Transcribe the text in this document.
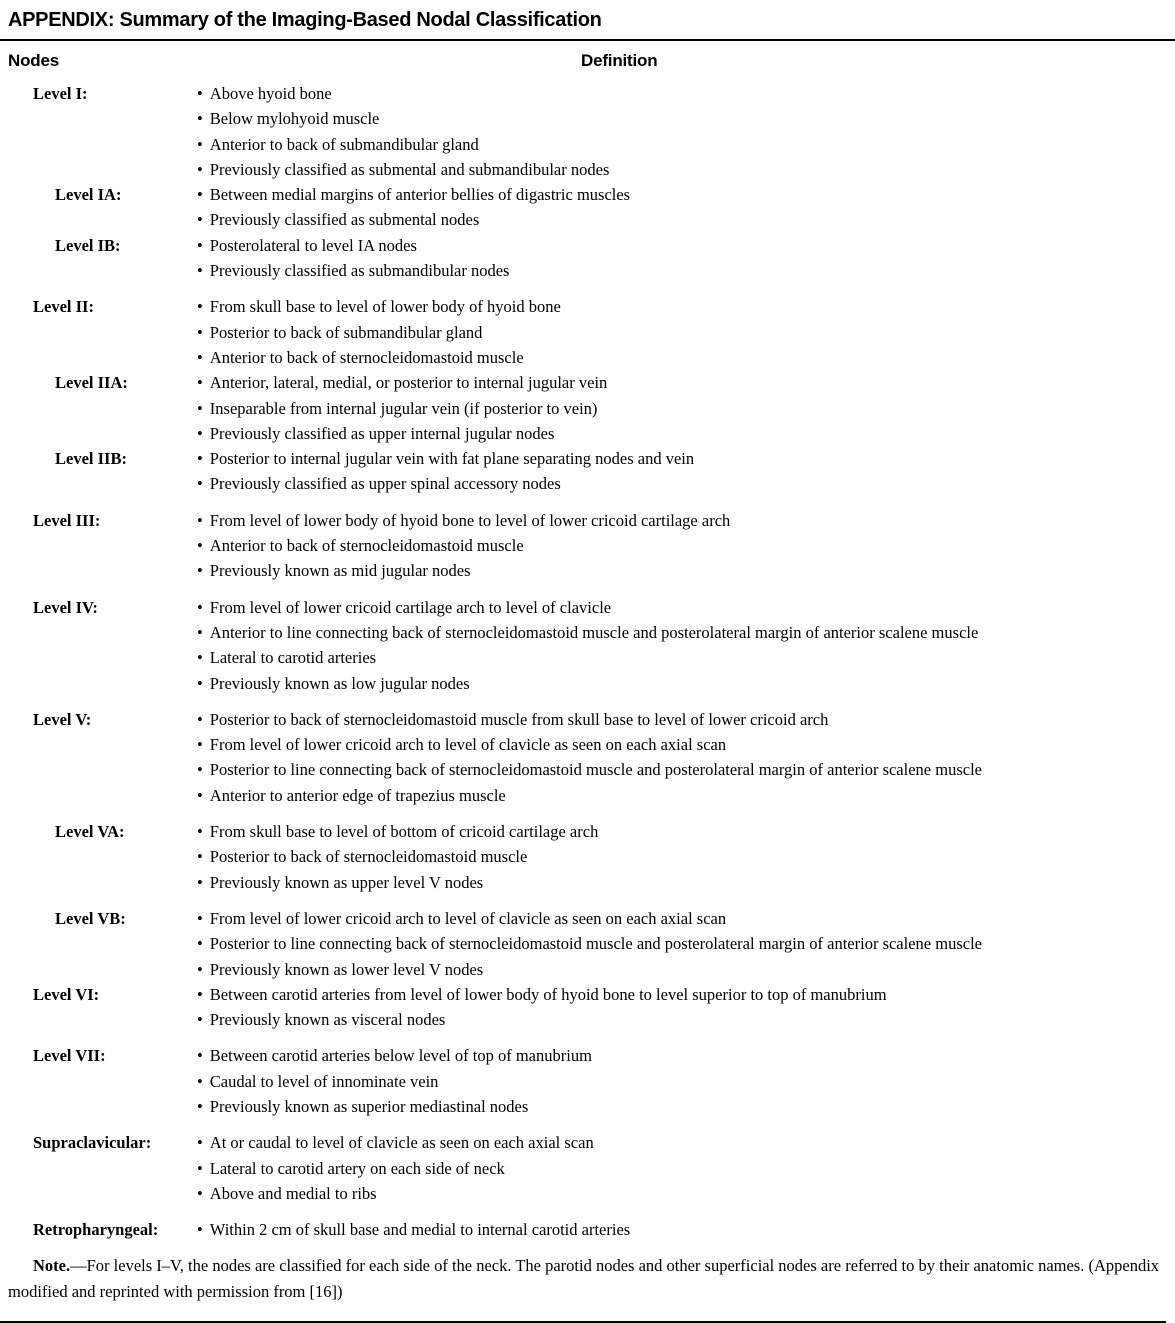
APPENDIX: Summary of the Imaging-Based Nodal Classification
Nodes	Definition
Level I:	• Above hyoid bone
• Below mylohyoid muscle
• Anterior to back of submandibular gland
• Previously classified as submental and submandibular nodes
Level IA:	• Between medial margins of anterior bellies of digastric muscles
• Previously classified as submental nodes
Level IB:	• Posterolateral to level IA nodes
• Previously classified as submandibular nodes
Level II:	• From skull base to level of lower body of hyoid bone
• Posterior to back of submandibular gland
• Anterior to back of sternocleidomastoid muscle
Level IIA:	• Anterior, lateral, medial, or posterior to internal jugular vein
• Inseparable from internal jugular vein (if posterior to vein)
• Previously classified as upper internal jugular nodes
Level IIB:	• Posterior to internal jugular vein with fat plane separating nodes and vein
• Previously classified as upper spinal accessory nodes
Level III:	• From level of lower body of hyoid bone to level of lower cricoid cartilage arch
• Anterior to back of sternocleidomastoid muscle
• Previously known as mid jugular nodes
Level IV:	• From level of lower cricoid cartilage arch to level of clavicle
• Anterior to line connecting back of sternocleidomastoid muscle and posterolateral margin of anterior scalene muscle
• Lateral to carotid arteries
• Previously known as low jugular nodes
Level V:	• Posterior to back of sternocleidomastoid muscle from skull base to level of lower cricoid arch
• From level of lower cricoid arch to level of clavicle as seen on each axial scan
• Posterior to line connecting back of sternocleidomastoid muscle and posterolateral margin of anterior scalene muscle
• Anterior to anterior edge of trapezius muscle
Level VA:	• From skull base to level of bottom of cricoid cartilage arch
• Posterior to back of sternocleidomastoid muscle
• Previously known as upper level V nodes
Level VB:	• From level of lower cricoid arch to level of clavicle as seen on each axial scan
• Posterior to line connecting back of sternocleidomastoid muscle and posterolateral margin of anterior scalene muscle
• Previously known as lower level V nodes
Level VI:	• Between carotid arteries from level of lower body of hyoid bone to level superior to top of manubrium
• Previously known as visceral nodes
Level VII:	• Between carotid arteries below level of top of manubrium
• Caudal to level of innominate vein
• Previously known as superior mediastinal nodes
Supraclavicular:	• At or caudal to level of clavicle as seen on each axial scan
• Lateral to carotid artery on each side of neck
• Above and medial to ribs
Retropharyngeal:	• Within 2 cm of skull base and medial to internal carotid arteries

Note.—For levels I–V, the nodes are classified for each side of the neck. The parotid nodes and other superficial nodes are referred to by their anatomic names. (Appendix modified and reprinted with permission from [16])
